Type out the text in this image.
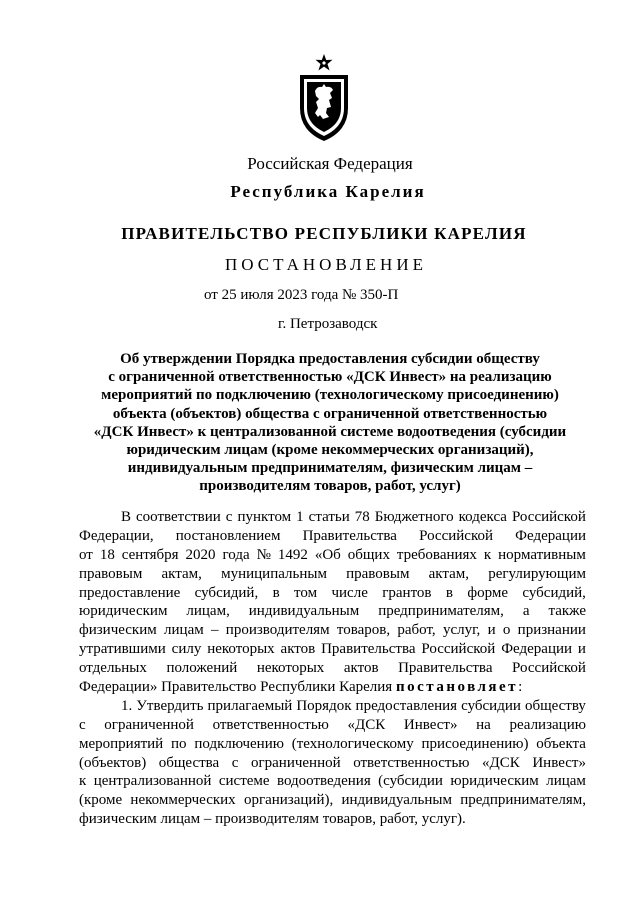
Российская Федерация
Республика Карелия
ПРАВИТЕЛЬСТВО РЕСПУБЛИКИ КАРЕЛИЯ
ПОСТАНОВЛЕНИЕ
от 25 июля 2023 года № 350-П
г. Петрозаводск
Об утверждении Порядка предоставления субсидии обществу
с ограниченной ответственностью «ДСК Инвест» на реализацию
мероприятий по подключению (технологическому присоединению)
объекта (объектов) общества с ограниченной ответственностью
«ДСК Инвест» к централизованной системе водоотведения (субсидии
юридическим лицам (кроме некоммерческих организаций),
индивидуальным предпринимателям, физическим лицам –
производителям товаров, работ, услуг)
В соответствии с пунктом 1 статьи 78 Бюджетного кодекса Российской
Федерации, постановлением Правительства Российской Федерации
от 18 сентября 2020 года № 1492 «Об общих требованиях к нормативным
правовым актам, муниципальным правовым актам, регулирующим
предоставление субсидий, в том числе грантов в форме субсидий,
юридическим лицам, индивидуальным предпринимателям, а также
физическим лицам – производителям товаров, работ, услуг, и о признании
утратившими силу некоторых актов Правительства Российской Федерации и
отдельных положений некоторых актов Правительства Российской
Федерации» Правительство Республики Карелия
постановляет :
1. Утвердить прилагаемый Порядок предоставления субсидии обществу
с ограниченной ответственностью «ДСК Инвест» на реализацию
мероприятий по подключению (технологическому присоединению) объекта
(объектов) общества с ограниченной ответственностью «ДСК Инвест»
к централизованной системе водоотведения (субсидии юридическим лицам
(кроме некоммерческих организаций), индивидуальным предпринимателям,
физическим лицам – производителям товаров, работ, услуг).
